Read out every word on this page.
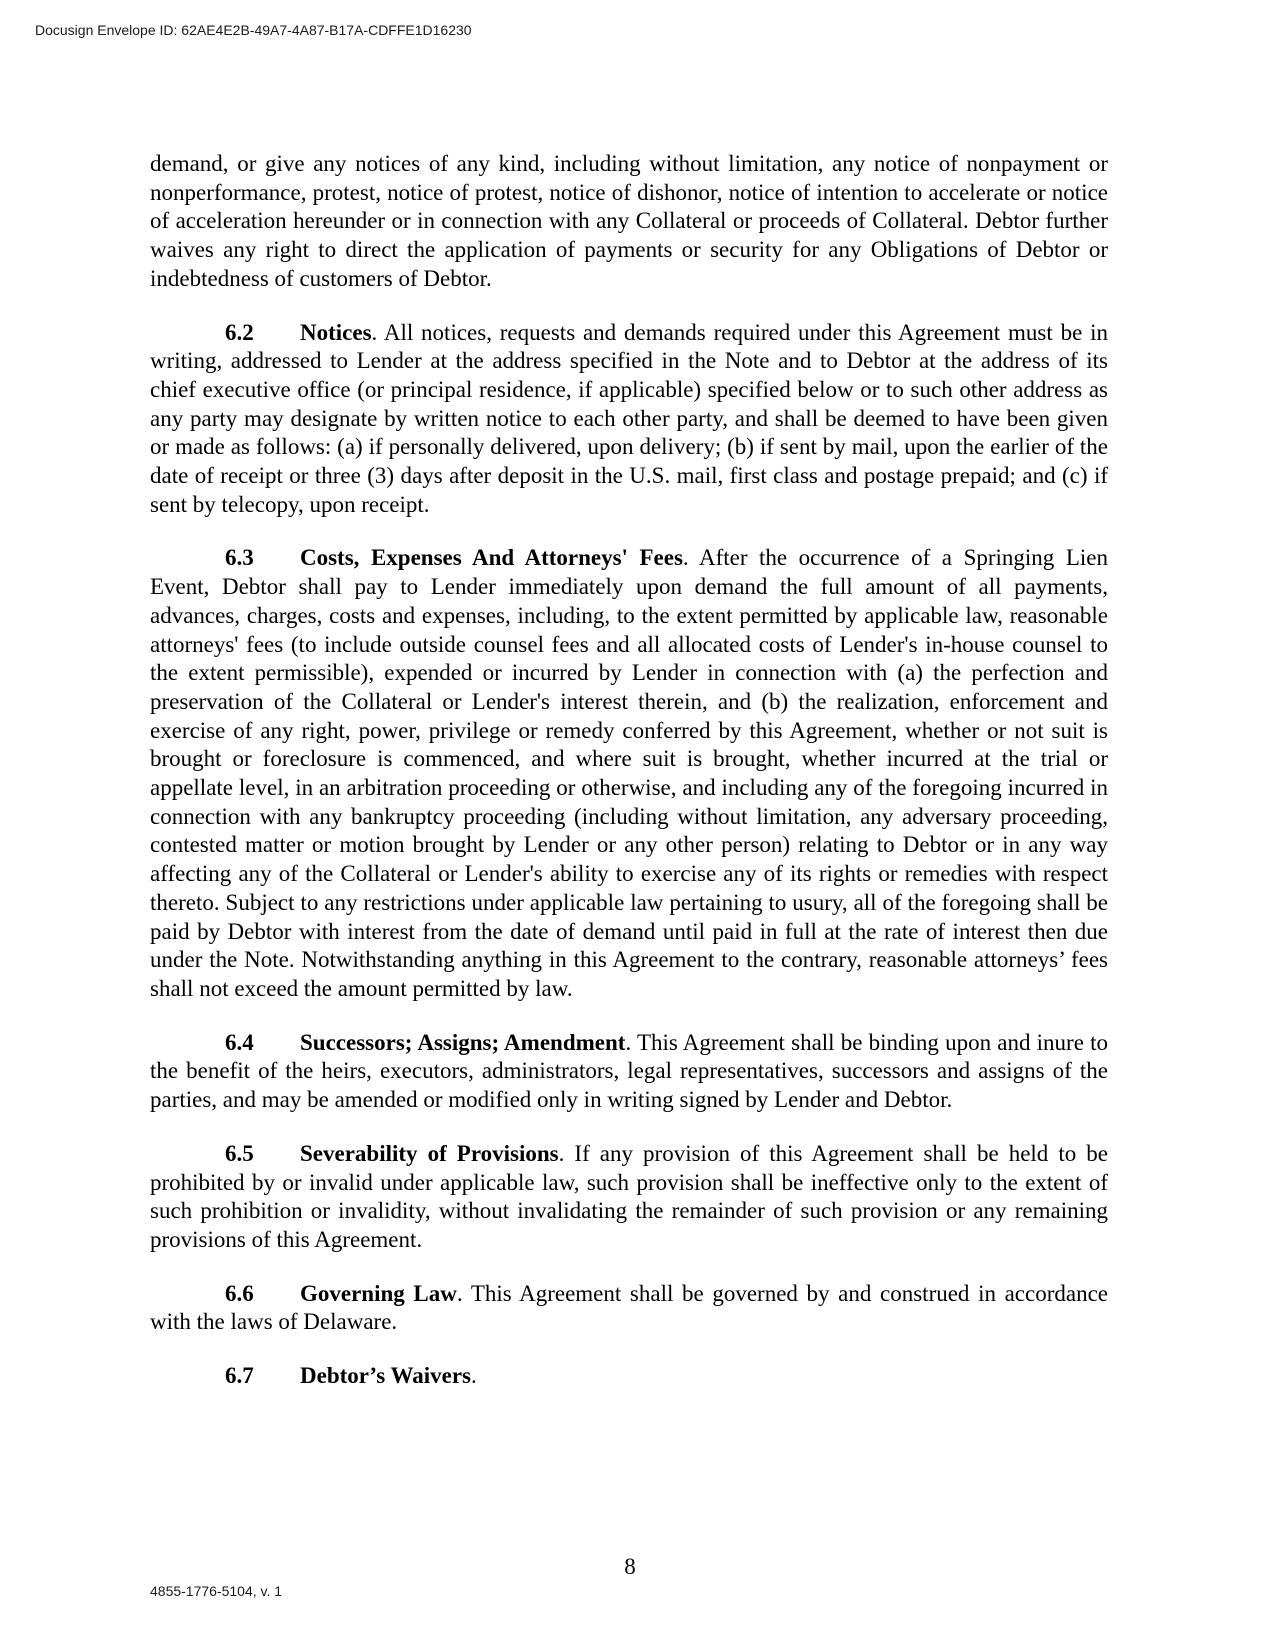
Docusign Envelope ID: 62AE4E2B-49A7-4A87-B17A-CDFFE1D16230

demand, or give any notices of any kind, including without limitation, any notice of nonpayment or nonperformance, protest, notice of protest, notice of dishonor, notice of intention to accelerate or notice of acceleration hereunder or in connection with any Collateral or proceeds of Collateral. Debtor further waives any right to direct the application of payments or security for any Obligations of Debtor or indebtedness of customers of Debtor.

6.2 Notices. All notices, requests and demands required under this Agreement must be in writing, addressed to Lender at the address specified in the Note and to Debtor at the address of its chief executive office (or principal residence, if applicable) specified below or to such other address as any party may designate by written notice to each other party, and shall be deemed to have been given or made as follows: (a) if personally delivered, upon delivery; (b) if sent by mail, upon the earlier of the date of receipt or three (3) days after deposit in the U.S. mail, first class and postage prepaid; and (c) if sent by telecopy, upon receipt.

6.3 Costs, Expenses And Attorneys' Fees. After the occurrence of a Springing Lien Event, Debtor shall pay to Lender immediately upon demand the full amount of all payments, advances, charges, costs and expenses, including, to the extent permitted by applicable law, reasonable attorneys' fees (to include outside counsel fees and all allocated costs of Lender's in-house counsel to the extent permissible), expended or incurred by Lender in connection with (a) the perfection and preservation of the Collateral or Lender's interest therein, and (b) the realization, enforcement and exercise of any right, power, privilege or remedy conferred by this Agreement, whether or not suit is brought or foreclosure is commenced, and where suit is brought, whether incurred at the trial or appellate level, in an arbitration proceeding or otherwise, and including any of the foregoing incurred in connection with any bankruptcy proceeding (including without limitation, any adversary proceeding, contested matter or motion brought by Lender or any other person) relating to Debtor or in any way affecting any of the Collateral or Lender's ability to exercise any of its rights or remedies with respect thereto. Subject to any restrictions under applicable law pertaining to usury, all of the foregoing shall be paid by Debtor with interest from the date of demand until paid in full at the rate of interest then due under the Note. Notwithstanding anything in this Agreement to the contrary, reasonable attorneys’ fees shall not exceed the amount permitted by law.

6.4 Successors; Assigns; Amendment. This Agreement shall be binding upon and inure to the benefit of the heirs, executors, administrators, legal representatives, successors and assigns of the parties, and may be amended or modified only in writing signed by Lender and Debtor.

6.5 Severability of Provisions. If any provision of this Agreement shall be held to be prohibited by or invalid under applicable law, such provision shall be ineffective only to the extent of such prohibition or invalidity, without invalidating the remainder of such provision or any remaining provisions of this Agreement.

6.6 Governing Law. This Agreement shall be governed by and construed in accordance with the laws of Delaware.

6.7 Debtor’s Waivers.

8
4855-1776-5104, v. 1
